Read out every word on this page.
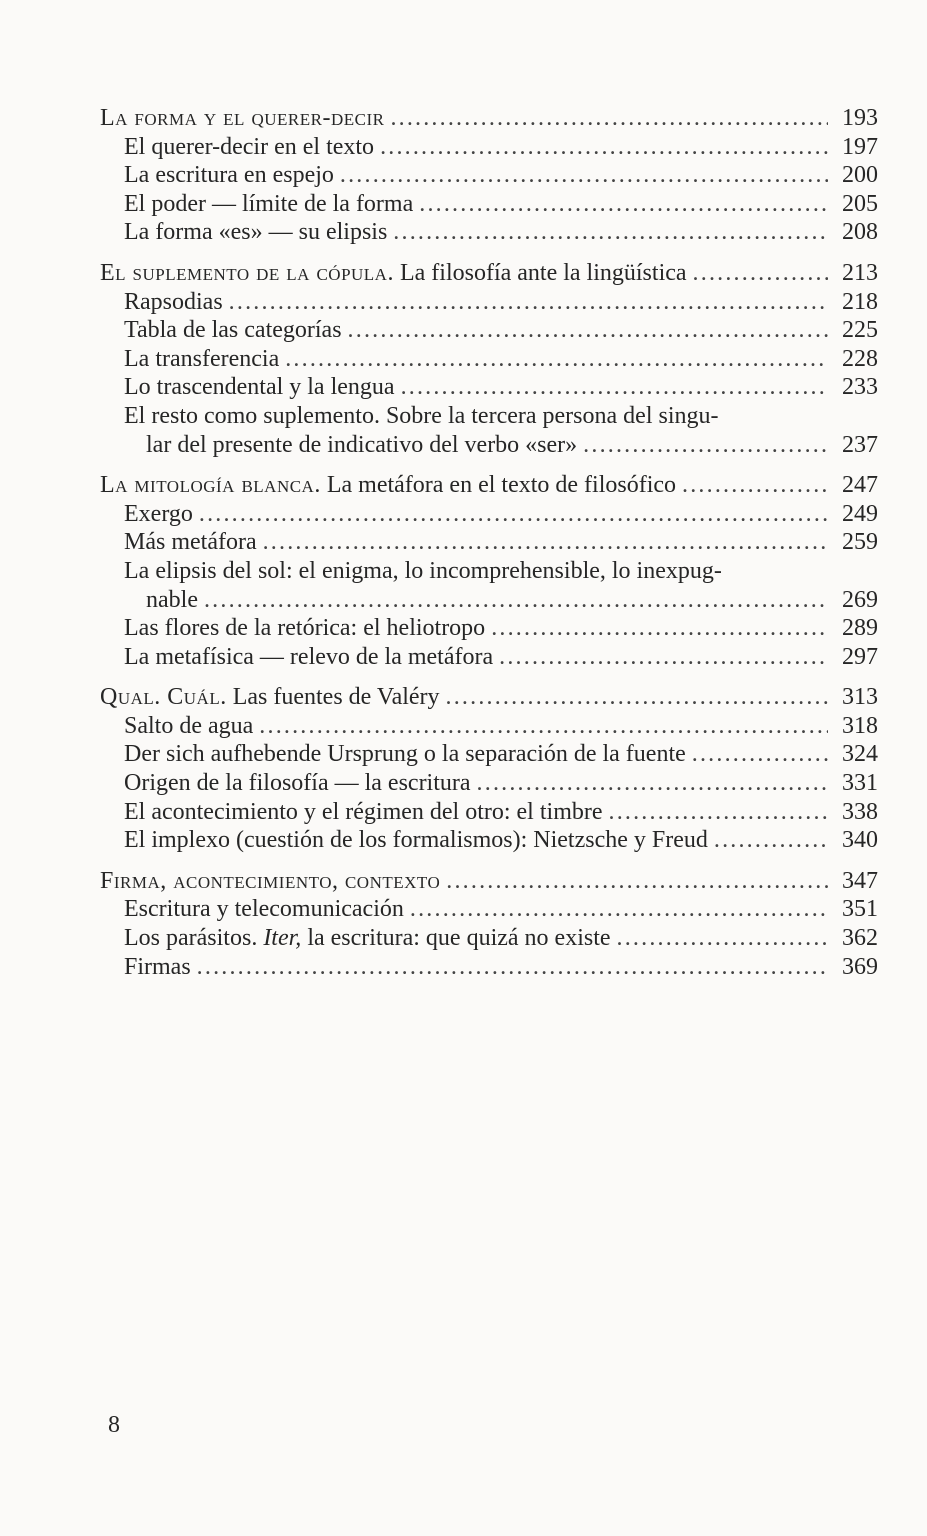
La forma y el querer-decir .....	193
El querer-decir en el texto .....	197
La escritura en espejo .....	200
El poder — límite de la forma .....	205
La forma «es» — su elipsis .....	208
El suplemento de la cópula. La filosofía ante la lingüística .....	213
Rapsodias .....	218
Tabla de las categorías .....	225
La transferencia .....	228
Lo trascendental y la lengua .....	233
El resto como suplemento. Sobre la tercera persona del singu-
lar del presente de indicativo del verbo «ser» .....	237
La mitología blanca. La metáfora en el texto de filosófico .....	247
Exergo .....	249
Más metáfora .....	259
La elipsis del sol: el enigma, lo incomprehensible, lo inexpug-
nable .....	269
Las flores de la retórica: el heliotropo .....	289
La metafísica — relevo de la metáfora .....	297
Qual. Cuál. Las fuentes de Valéry .....	313
Salto de agua .....	318
Der sich aufhebende Ursprung o la separación de la fuente .....	324
Origen de la filosofía — la escritura .....	331
El acontecimiento y el régimen del otro: el timbre .....	338
El implexo (cuestión de los formalismos): Nietzsche y Freud .....	340
Firma, acontecimiento, contexto .....	347
Escritura y telecomunicación .....	351
Los parásitos. Iter, la escritura: que quizá no existe .....	362
Firmas .....	369
8
